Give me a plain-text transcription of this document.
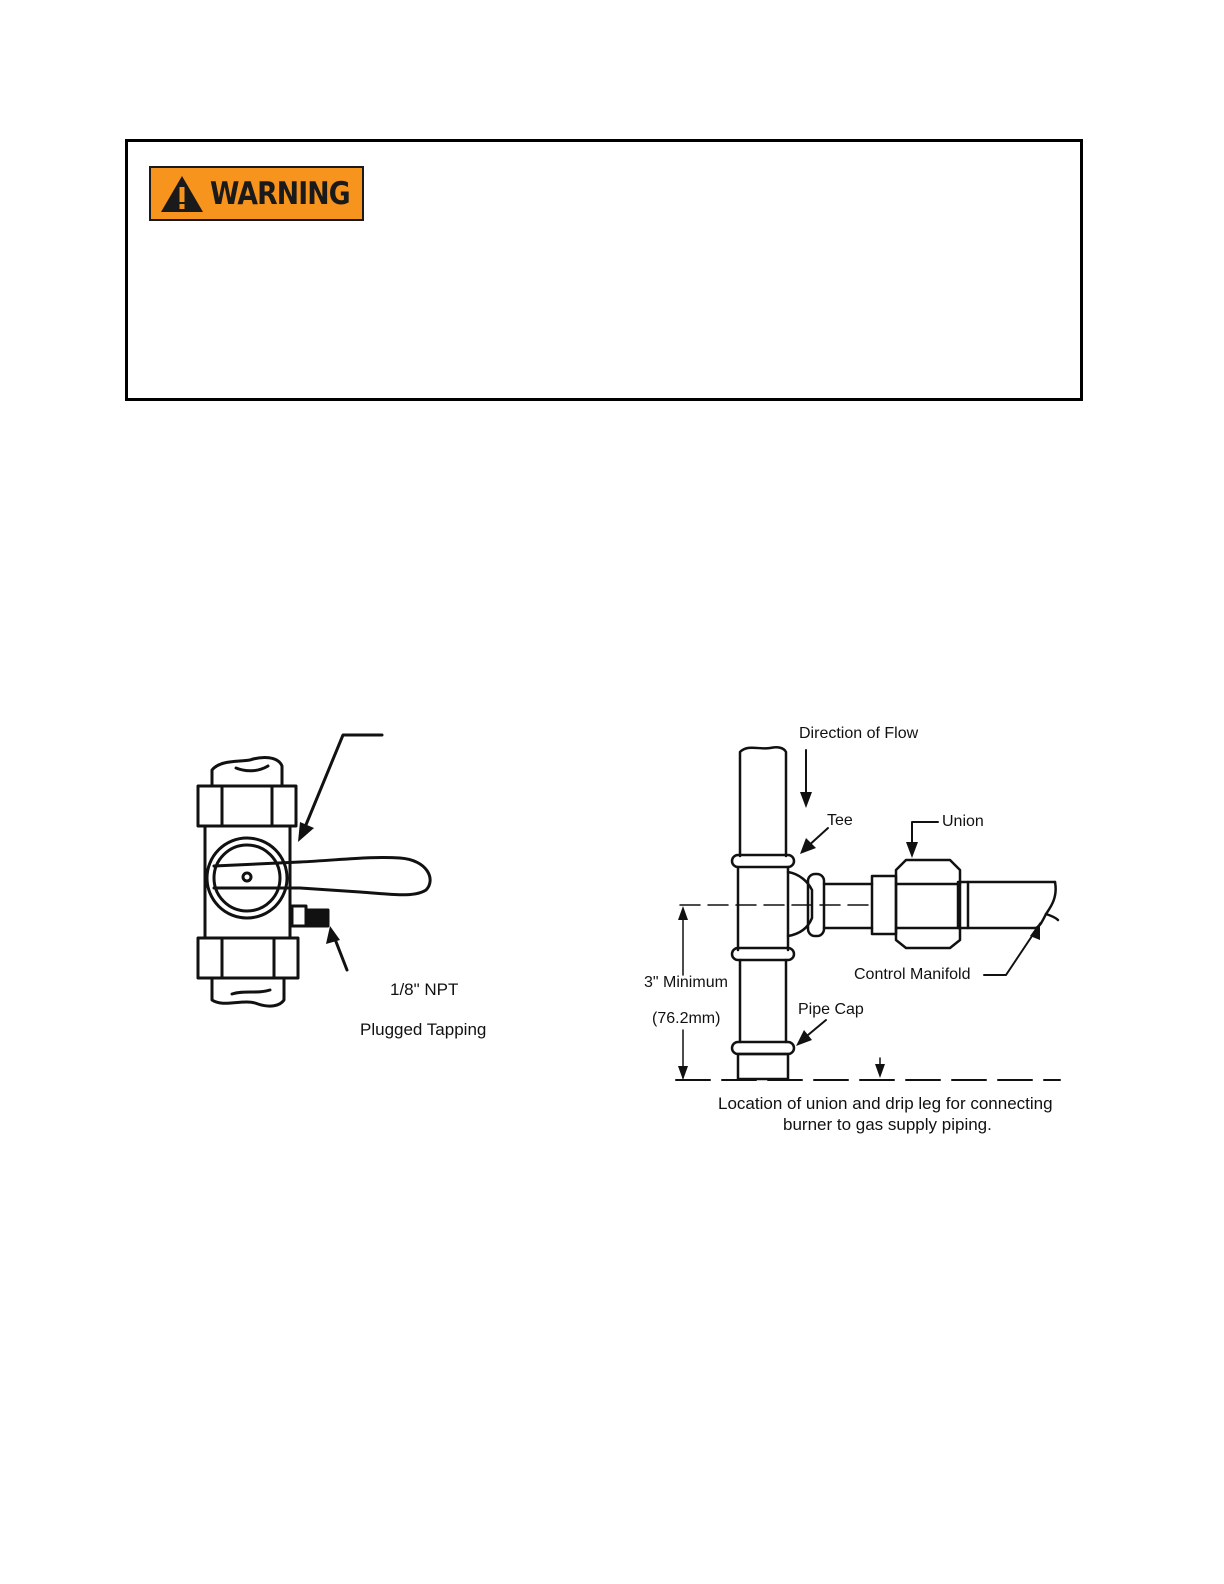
WARNING
1/8" NPT
Plugged Tapping
Direction of Flow
Tee	Union
Control Manifold
3" Minimum
(76.2mm)
Pipe Cap
Location of union and drip leg for connecting
burner to gas supply piping.
